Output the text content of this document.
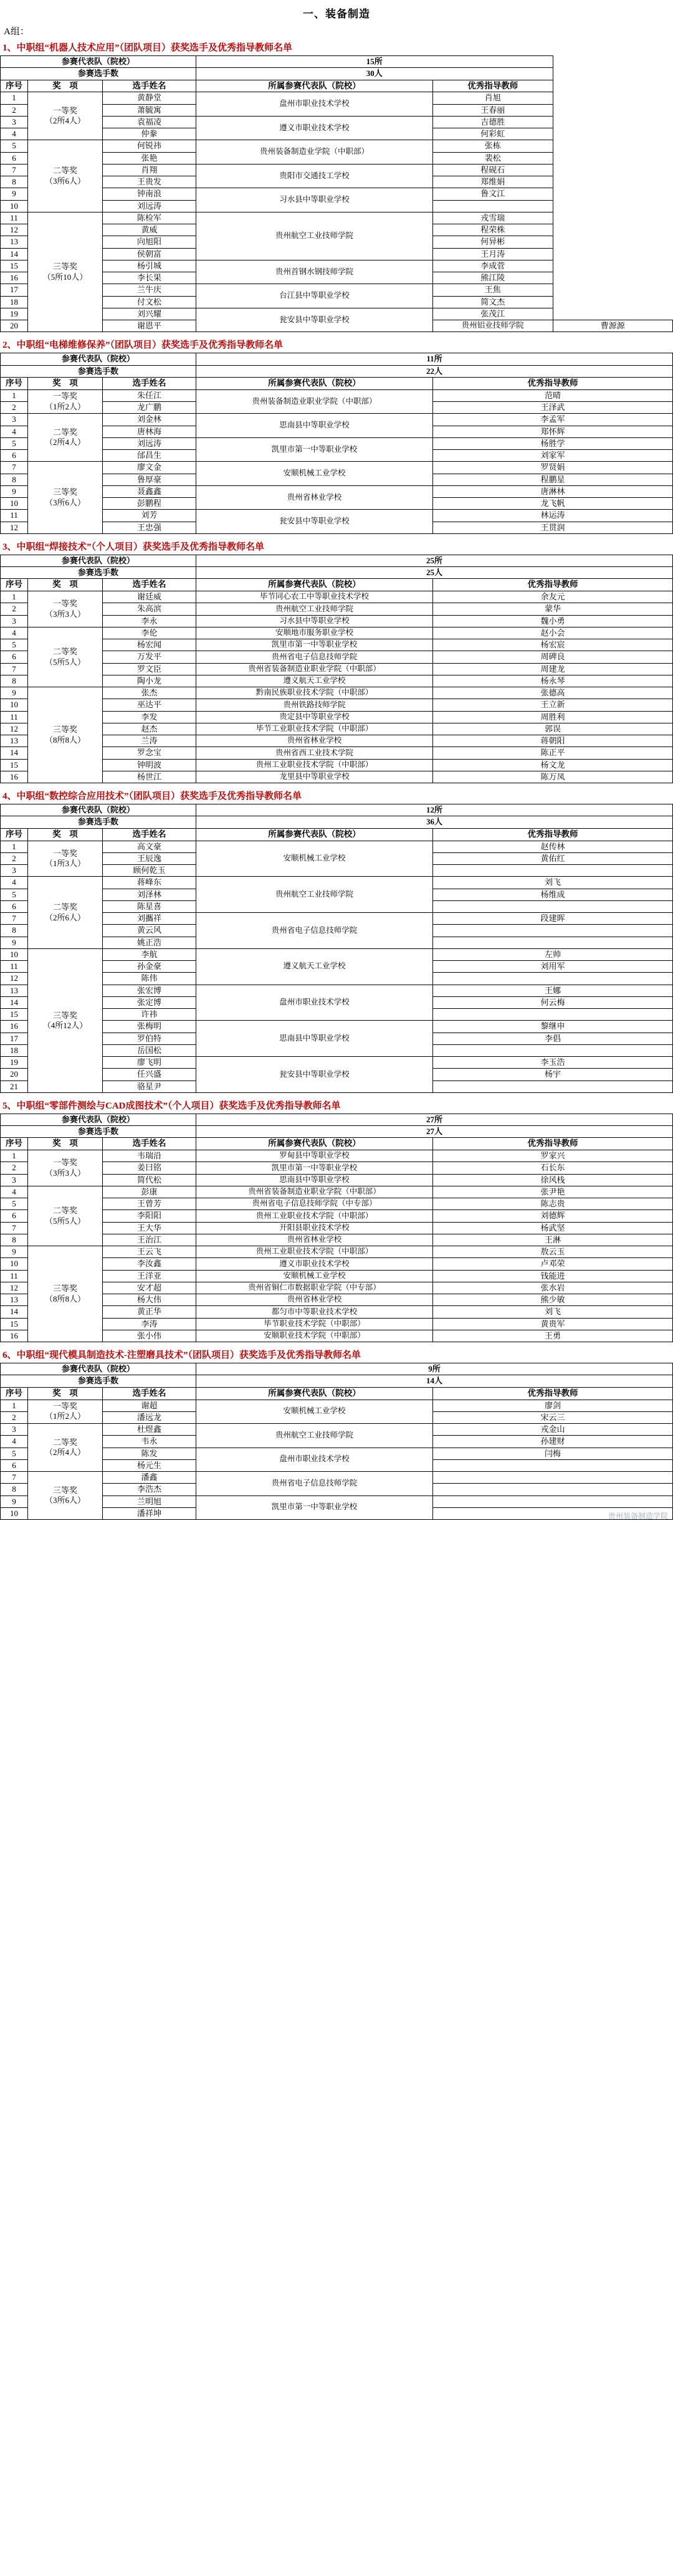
一、装备制造
A组：
1、中职组“机器人技术应用”（团队项目）获奖选手及优秀指导教师名单
参赛代表队（院校）			15所		
参赛选手数			30人		
序号	奖　项	选手姓名	所属参赛代表队（院校）	优秀指导教师	
1	一等奖
（2所4人）	黄静堂	盘州市职业技术学校	肖旭	
2		萧毓寓		王春丽	
3		袁福凌	遵义市职业技术学校	吉德胜	
4		仲豢		何彩虹	
5	二等奖
（3所6人）	何锐祎	贵州装备制造业学院（中职部）	张栋	
6		张艳		裴松	
7		肖翔	贵阳市交通技工学校	程砚石	
8		王贵发		郑维娟	
9		钟南浪	习水县中等职业学校	鲁文江	
10		刘远涛			
11	三等奖
（5所10人）	陈检军	贵州航空工业技师学院	戎雪瑞	
12		黄威		程荣株	
13		向旭阳		何异彬	
14		侯朝富		王月涛	
15		杨引城	贵州首钢水钢技师学院	李成菅	
16		李长果		熊江陵	
17		兰牛庆	台江县中等职业学校	王焦	
18		付文松		简文杰	
19		刘兴耀	瓮安县中等职业学校	张茂江	
20		谢恩平		贵州铝业技师学院	曹源源
2、中职组“电梯维修保养”（团队项目）获奖选手及优秀指导教师名单
参赛代表队（院校）			11所	
参赛选手数			22人	
序号	奖　项	选手姓名	所属参赛代表队（院校）	优秀指导教师
1	一等奖
（1所2人）	朱任江	贵州装备制造业职业学院（中职部）	范晴
2		龙广鹏		王泽武
3	二等奖
（2所4人）	刘金林	思南县中等职业学校	李孟军
4		唐林海		郑怀辉
5		刘远涛	凯里市第一中等职业学校	杨胜学
6		邰昌生		刘家军
7	三等奖
（3所6人）	廖文金	安顺机械工业学校	罗贤娟
8		鲁厚豪		程鹏星
9		聂鑫鑫	贵州省林业学校	唐淋林
10		彭鹏程		龙飞帆
11		刘芳	瓮安县中等职业学校	林运涛
12		王忠强		王贯润
3、中职组“焊接技术”（个人项目）获奖选手及优秀指导教师名单
参赛代表队（院校）			25所	
参赛选手数			25人	
序号	奖　项	选手姓名	所属参赛代表队（院校）	优秀指导教师
1	一等奖
（3所3人）	谢廷威	毕节同心农工中等职业技术学校	余友元
2		朱高滨	贵州航空工业技师学院	蒙华
3		李永	习水县中等职业学校	魏小勇
4	二等奖
（5所5人）	李伦	安顺地市服务职业学校	赵小会
5		杨宏闻	凯里市第一中等职业学校	杨宏宸
6		万发平	贵州省电子信息技师学院	周碑良
7		罗文臣	贵州省装备制造业职业学院（中职部）	周建龙
8		陶小龙	遵义航天工业学校	杨永琴
9	三等奖
（8所8人）	张杰	黔南民族职业技术学院（中职部）	张德高
10		巫达平	贵州铁路技师学院	王立新
11		李发	贵定县中等职业学校	周胜利
12		赵杰	毕节工业职业技术学院（中职部）	郭误
13		兰涛	贵州省林业学校	蒋朝阳
14		罗念宝	贵州省西工业技术学院	陈正平
15		钟明波	贵州工业职业技术学院（中职部）	杨文龙
16		杨世江	龙里县中等职业学校	陈万凤
4、中职组“数控综合应用技术”（团队项目）获奖选手及优秀指导教师名单
参赛代表队（院校）			12所	
参赛选手数			36人	
序号	奖　项	选手姓名	所属参赛代表队（院校）	优秀指导教师
1	一等奖
（1所3人）	高文豪	安顺机械工业学校	赵传林
2		王辰逸		黄佑红
3		顾何乾玉		
4	二等奖
（2所6人）	蒋峰东	贵州航空工业技师学院	刘飞
5		刘泽林		杨维成
6		陈星喜		
7		刘攜祥	贵州省电子信息技师学院	段建晖
8		黄云风		
9		姚正浩		
10	三等奖
（4所12人）	李航	遵义航天工业学校	左帅
11		孙金豪		刘用军
12		陈伟		
13		张宏博	盘州市职业技术学校	王娜
14		张定博		何云梅
15		许祎		
16		张梅明	思南县中等职业学校	黎继申
17		罗伯特		李倡
18		岳国松		
19		廖飞明	瓮安县中等职业学校	李玉浩
20		任兴盛		杨宇
21		骆星尹		
5、中职组“零部件测绘与CAD成图技术”（个人项目）获奖选手及优秀指导教师名单
参赛代表队（院校）			27所	
参赛选手数			27人	
序号	奖　项	选手姓名	所属参赛代表队（院校）	优秀指导教师
1	一等奖
（3所3人）	韦瑞沿	罗甸县中等职业学校	罗家兴
2		姜曰铭	凯里市第一中等职业学校	石长东
3		简代松	思南县中等职业学校	徐风栈
4	二等奖
（5所5人）	彭康	贵州省装备制造业职业学院（中职部）	张尹艳
5		王曾芳	贵州省电子信息技师学院（中专部）	陈志贵
6		李阳阳	贵州工业职业技术学院（中职部）	刘德辉
7		王大华	开阳县职业技术学校	杨武坚
8		王治江	贵州省林业学校	王淋
9	三等奖
（8所8人）	王云飞	贵州工业职业技术学院（中职部）	敖云玉
10		李汝鑫	遵义市职业技术学校	卢邓荣
11		王洋亚	安顺机械工业学校	钱能进
12		安才超	贵州省铜仁市数据职业学院（中专部）	张水岩
13		杨大伟	贵州省林业学校	熊少敏
14		黄正华	都匀市中等职业技术学校	刘飞
15		李涛	毕节职业技术学院（中职部）	黄贵军
16		张小伟	安顺职业技术学院（中职部）	王勇
6、中职组“现代模具制造技术-注塑磨具技术”（团队项目）获奖选手及优秀指导教师名单
参赛代表队（院校）			9所	
参赛选手数			14人	
序号	奖　项	选手姓名	所属参赛代表队（院校）	优秀指导教师
1	一等奖
（1所2人）	谢超	安顺机械工业学校	廖剑
2		潘远龙		宋云三
3	二等奖
（2所4人）	杜煜鑫	贵州航空工业技师学院	戎金山
4		韦永		孙建财
5		陈发	盘州市职业技术学校	闫梅
6		杨元生		
7	三等奖
（3所6人）	潘鑫	贵州省电子信息技师学院	
8		李浩杰		
9		兰明旭	凯里市第一中等职业学校	
10		潘祥坤			贵州装备制造学院
